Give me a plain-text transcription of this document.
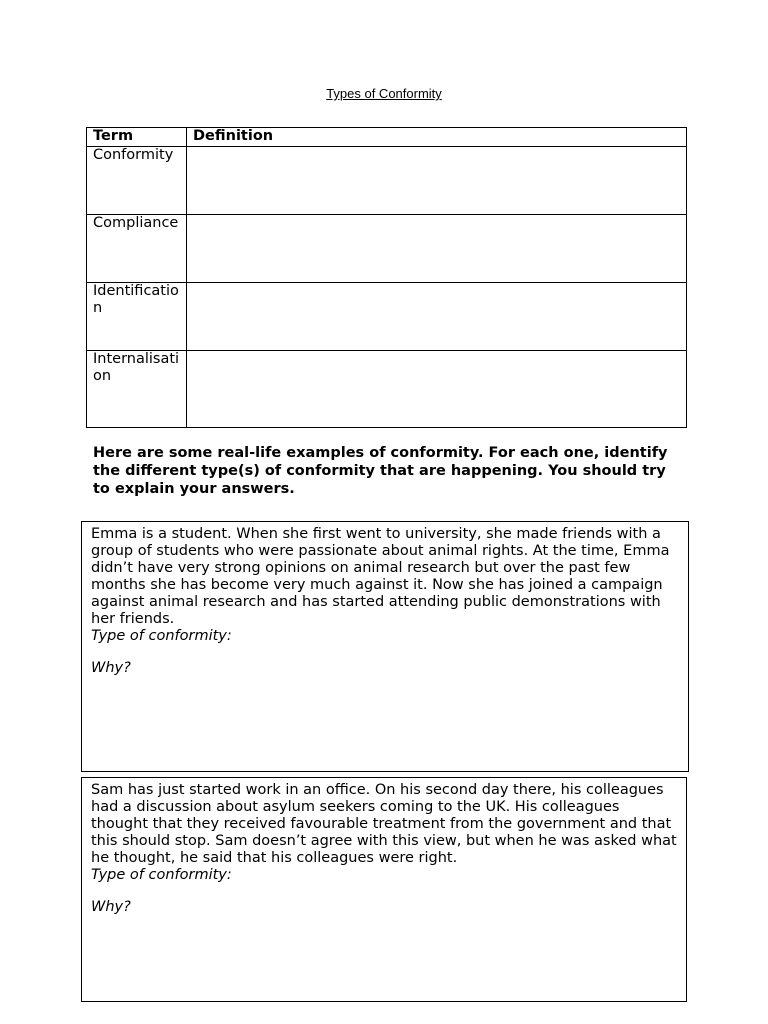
Types of Conformity
Term	Definition
Conformity	
Compliance	
Identification	
Internalisation	
Here are some real-life examples of conformity. For each one, identify the different type(s) of conformity that are happening. You should try to explain your answers.

Emma is a student. When she first went to university, she made friends with a group of students who were passionate about animal rights. At the time, Emma didn’t have very strong opinions on animal research but over the past few months she has become very much against it. Now she has joined a campaign against animal research and has started attending public demonstrations with her friends.

Type of conformity:

Why?

Sam has just started work in an office. On his second day there, his colleagues had a discussion about asylum seekers coming to the UK. His colleagues thought that they received favourable treatment from the government and that this should stop. Sam doesn’t agree with this view, but when he was asked what he thought, he said that his colleagues were right.

Type of conformity:

Why?
